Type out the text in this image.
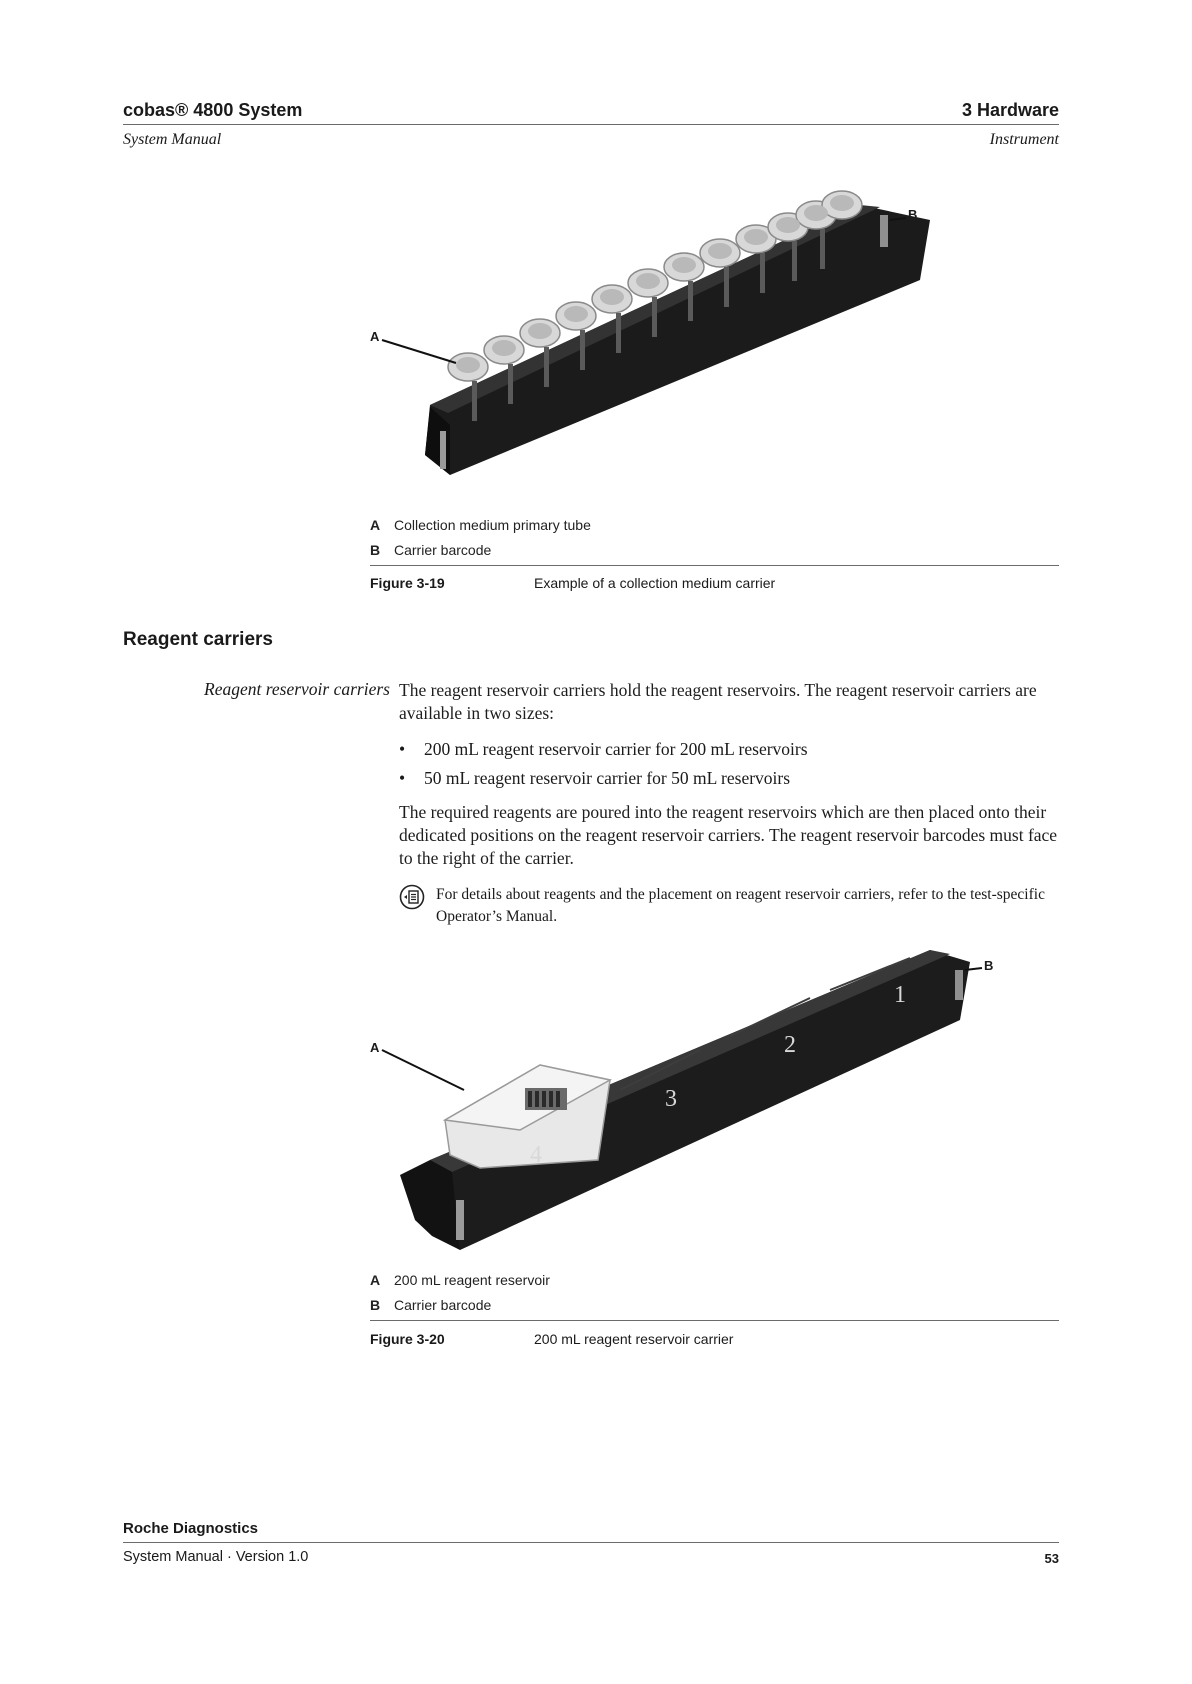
cobas® 4800 System	3 Hardware
System Manual	Instrument
A
B
A Collection medium primary tube
B Carrier barcode
Figure 3-19	Example of a collection medium carrier
Reagent carriers
Reagent reservoir carriers The reagent reservoir carriers hold the reagent reservoirs. The reagent reservoir carriers are available in two sizes:
• 200 mL reagent reservoir carrier for 200 mL reservoirs
• 50 mL reagent reservoir carrier for 50 mL reservoirs
The required reagents are poured into the reagent reservoirs which are then placed onto their dedicated positions on the reagent reservoir carriers. The reagent reservoir barcodes must face to the right of the carrier.
For details about reagents and the placement on reagent reservoir carriers, refer to the test-specific Operator’s Manual.
1
2
3
4
A
B
A 200 mL reagent reservoir
B Carrier barcode
Figure 3-20	200 mL reagent reservoir carrier
Roche Diagnostics
System Manual · Version 1.0	53
